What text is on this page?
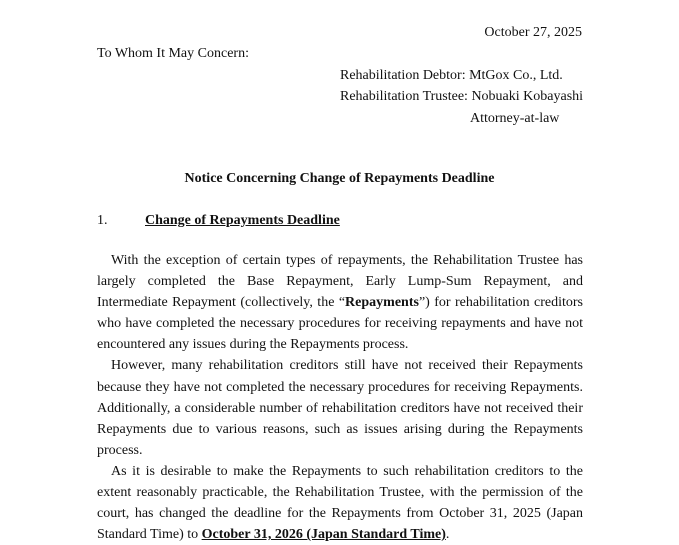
October 27, 2025
To Whom It May Concern:
Rehabilitation Debtor: MtGox Co., Ltd.
Rehabilitation Trustee: Nobuaki Kobayashi
Attorney-at-law
Notice Concerning Change of Repayments Deadline
1.	Change of Repayments Deadline

With the exception of certain types of repayments, the Rehabilitation Trustee has largely completed the Base Repayment, Early Lump-Sum Repayment, and Intermediate Repayment (collectively, the “Repayments”) for rehabilitation creditors who have completed the necessary procedures for receiving repayments and have not encountered any issues during the Repayments process.

However, many rehabilitation creditors still have not received their Repayments because they have not completed the necessary procedures for receiving Repayments. Additionally, a considerable number of rehabilitation creditors have not received their Repayments due to various reasons, such as issues arising during the Repayments process.

As it is desirable to make the Repayments to such rehabilitation creditors to the extent reasonably practicable, the Rehabilitation Trustee, with the permission of the court, has changed the deadline for the Repayments from October 31, 2025 (Japan Standard Time) to October 31, 2026 (Japan Standard Time).
